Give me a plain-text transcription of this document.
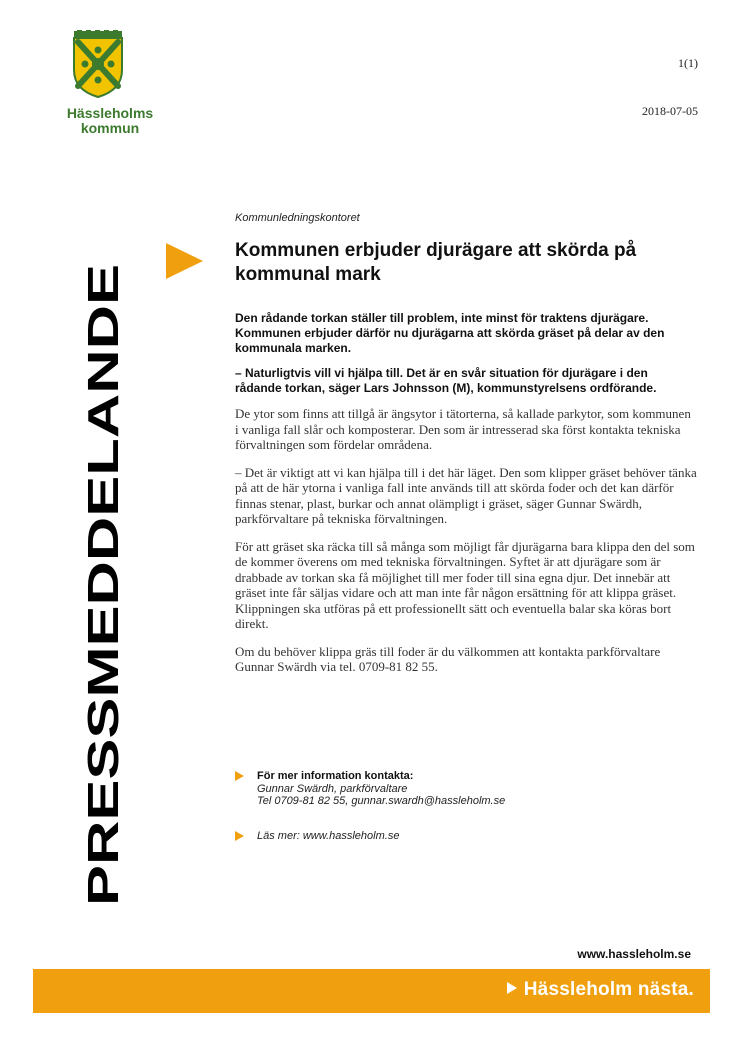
Hässleholms
kommun
1(1)
2018-07-05
PRESSMEDDELANDE
Kommunledningskontoret
Kommunen erbjuder djurägare att skörda på kommunal mark

Den rådande torkan ställer till problem, inte minst för traktens djurägare. Kommunen erbjuder därför nu djurägarna att skörda gräset på delar av den kommunala marken.

– Naturligtvis vill vi hjälpa till. Det är en svår situation för djurägare i den rådande torkan, säger Lars Johnsson (M), kommunstyrelsens ordförande.

De ytor som finns att tillgå är ängsytor i tätorterna, så kallade parkytor, som kommunen i vanliga fall slår och komposterar. Den som är intresserad ska först kontakta tekniska förvaltningen som fördelar områdena.

– Det är viktigt att vi kan hjälpa till i det här läget. Den som klipper gräset behöver tänka på att de här ytorna i vanliga fall inte används till att skörda foder och det kan därför finnas stenar, plast, burkar och annat olämpligt i gräset, säger Gunnar Swärdh, parkförvaltare på tekniska förvaltningen.

För att gräset ska räcka till så många som möjligt får djurägarna bara klippa den del som de kommer överens om med tekniska förvaltningen. Syftet är att djurägare som är drabbade av torkan ska få möjlighet till mer foder till sina egna djur. Det innebär att gräset inte får säljas vidare och att man inte får någon ersättning för att klippa gräset. Klippningen ska utföras på ett professionellt sätt och eventuella balar ska köras bort direkt.

Om du behöver klippa gräs till foder är du välkommen att kontakta parkförvaltare Gunnar Swärdh via tel. 0709-81 82 55.

För mer information kontakta:
Gunnar Swärdh, parkförvaltare
Tel 0709-81 82 55, gunnar.swardh@hassleholm.se
Läs mer: www.hassleholm.se
www.hassleholm.se
Hässleholm nästa.
